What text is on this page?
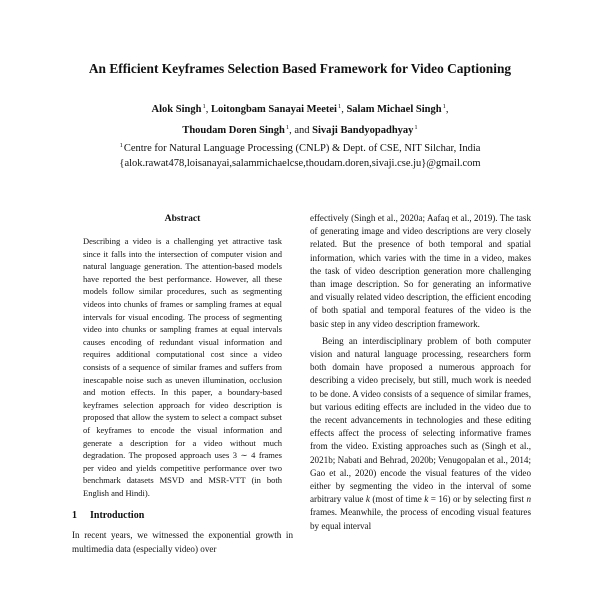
An Efficient Keyframes Selection Based Framework for Video Captioning
Alok Singh$^1$, Loitongbam Sanayai Meetei$^1$, Salam Michael Singh$^1$,
Thoudam Doren Singh$^1$, and Sivaji Bandyopadhyay$^1$
$^1$Centre for Natural Language Processing (CNLP) & Dept. of CSE, NIT Silchar, India
{alok.rawat478,loisanayai,salammichaelcse,thoudam.doren,sivaji.cse.ju}@gmail.com
Abstract
Describing a video is a challenging yet attractive task since it falls into the intersection of computer vision and natural language generation. The attention-based models have reported the best performance. However, all these models follow similar procedures, such as segmenting videos into chunks of frames or sampling frames at equal intervals for visual encoding. The process of segmenting video into chunks or sampling frames at equal intervals causes encoding of redundant visual information and requires additional computational cost since a video consists of a sequence of similar frames and suffers from inescapable noise such as uneven illumination, occlusion and motion effects. In this paper, a boundary-based keyframes selection approach for video description is proposed that allow the system to select a compact subset of keyframes to encode the visual information and generate a description for a video without much degradation. The proposed approach uses 3 ∼ 4 frames per video and yields competitive performance over two benchmark datasets MSVD and MSR-VTT (in both English and Hindi).
1 Introduction

In recent years, we witnessed the exponential growth in multimedia data (especially video) over

effectively (Singh et al., 2020a; Aafaq et al., 2019). The task of generating image and video descriptions are very closely related. But the presence of both temporal and spatial information, which varies with the time in a video, makes the task of video description generation more challenging than image description. So for generating an informative and visually related video description, the efficient encoding of both spatial and temporal features of the video is the basic step in any video description framework.

Being an interdisciplinary problem of both computer vision and natural language processing, researchers form both domain have proposed a numerous approach for describing a video precisely, but still, much work is needed to be done. A video consists of a sequence of similar frames, but various editing effects are included in the video due to the recent advancements in technologies and these editing effects affect the process of selecting informative frames from the video. Existing approaches such as (Singh et al., 2021b; Nabati and Behrad, 2020b; Venugopalan et al., 2014; Gao et al., 2020) encode the visual features of the video either by segmenting the video in the interval of some arbitrary value k (most of time k = 16) or by selecting first n frames. Meanwhile, the process of encoding visual features by equal interval
